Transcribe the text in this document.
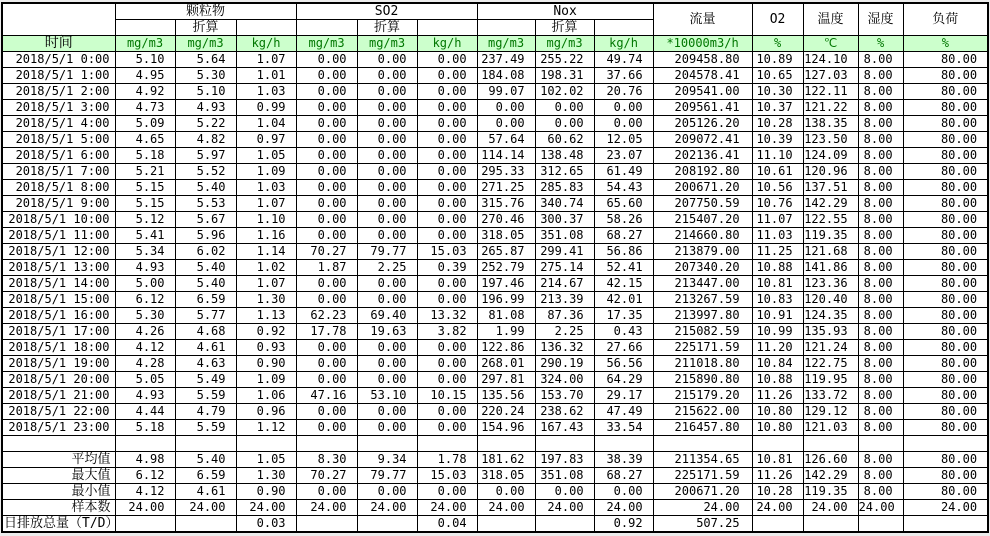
	颗粒物			SO2			Nox			流量	O2	温度	湿度	负荷
		折算			折算			折算						
时间	mg/m3	mg/m3	kg/h	mg/m3	mg/m3	kg/h	mg/m3	mg/m3	kg/h	*10000m3/h	%	℃	%	%
2018/5/1 0:00	5.10	5.64	1.07	0.00	0.00	0.00	237.49	255.22	49.74	209458.80	10.89	124.10	8.00	80.00
2018/5/1 1:00	4.95	5.30	1.01	0.00	0.00	0.00	184.08	198.31	37.66	204578.41	10.65	127.03	8.00	80.00
2018/5/1 2:00	4.92	5.10	1.03	0.00	0.00	0.00	99.07	102.02	20.76	209541.00	10.30	122.11	8.00	80.00
2018/5/1 3:00	4.73	4.93	0.99	0.00	0.00	0.00	0.00	0.00	0.00	209561.41	10.37	121.22	8.00	80.00
2018/5/1 4:00	5.09	5.22	1.04	0.00	0.00	0.00	0.00	0.00	0.00	205126.20	10.28	138.35	8.00	80.00
2018/5/1 5:00	4.65	4.82	0.97	0.00	0.00	0.00	57.64	60.62	12.05	209072.41	10.39	123.50	8.00	80.00
2018/5/1 6:00	5.18	5.97	1.05	0.00	0.00	0.00	114.14	138.48	23.07	202136.41	11.10	124.09	8.00	80.00
2018/5/1 7:00	5.21	5.52	1.09	0.00	0.00	0.00	295.33	312.65	61.49	208192.80	10.61	120.96	8.00	80.00
2018/5/1 8:00	5.15	5.40	1.03	0.00	0.00	0.00	271.25	285.83	54.43	200671.20	10.56	137.51	8.00	80.00
2018/5/1 9:00	5.15	5.53	1.07	0.00	0.00	0.00	315.76	340.74	65.60	207750.59	10.76	142.29	8.00	80.00
2018/5/1 10:00	5.12	5.67	1.10	0.00	0.00	0.00	270.46	300.37	58.26	215407.20	11.07	122.55	8.00	80.00
2018/5/1 11:00	5.41	5.96	1.16	0.00	0.00	0.00	318.05	351.08	68.27	214660.80	11.03	119.35	8.00	80.00
2018/5/1 12:00	5.34	6.02	1.14	70.27	79.77	15.03	265.87	299.41	56.86	213879.00	11.25	121.68	8.00	80.00
2018/5/1 13:00	4.93	5.40	1.02	1.87	2.25	0.39	252.79	275.14	52.41	207340.20	10.88	141.86	8.00	80.00
2018/5/1 14:00	5.00	5.40	1.07	0.00	0.00	0.00	197.46	214.67	42.15	213447.00	10.81	123.36	8.00	80.00
2018/5/1 15:00	6.12	6.59	1.30	0.00	0.00	0.00	196.99	213.39	42.01	213267.59	10.83	120.40	8.00	80.00
2018/5/1 16:00	5.30	5.77	1.13	62.23	69.40	13.32	81.08	87.36	17.35	213997.80	10.91	124.35	8.00	80.00
2018/5/1 17:00	4.26	4.68	0.92	17.78	19.63	3.82	1.99	2.25	0.43	215082.59	10.99	135.93	8.00	80.00
2018/5/1 18:00	4.12	4.61	0.93	0.00	0.00	0.00	122.86	136.32	27.66	225171.59	11.20	121.24	8.00	80.00
2018/5/1 19:00	4.28	4.63	0.90	0.00	0.00	0.00	268.01	290.19	56.56	211018.80	10.84	122.75	8.00	80.00
2018/5/1 20:00	5.05	5.49	1.09	0.00	0.00	0.00	297.81	324.00	64.29	215890.80	10.88	119.95	8.00	80.00
2018/5/1 21:00	4.93	5.59	1.06	47.16	53.10	10.15	135.56	153.70	29.17	215179.20	11.26	133.72	8.00	80.00
2018/5/1 22:00	4.44	4.79	0.96	0.00	0.00	0.00	220.24	238.62	47.49	215622.00	10.80	129.12	8.00	80.00
2018/5/1 23:00	5.18	5.59	1.12	0.00	0.00	0.00	154.96	167.43	33.54	216457.80	10.80	121.03	8.00	80.00

平均值	4.98	5.40	1.05	8.30	9.34	1.78	181.62	197.83	38.39	211354.65	10.81	126.60	8.00	80.00
最大值	6.12	6.59	1.30	70.27	79.77	15.03	318.05	351.08	68.27	225171.59	11.26	142.29	8.00	80.00
最小值	4.12	4.61	0.90	0.00	0.00	0.00	0.00	0.00	0.00	200671.20	10.28	119.35	8.00	80.00
样本数	24.00	24.00	24.00	24.00	24.00	24.00	24.00	24.00	24.00	24.00	24.00	24.00	24.00	24.00
日排放总量（T/D）			0.03			0.04			0.92	507.25				
